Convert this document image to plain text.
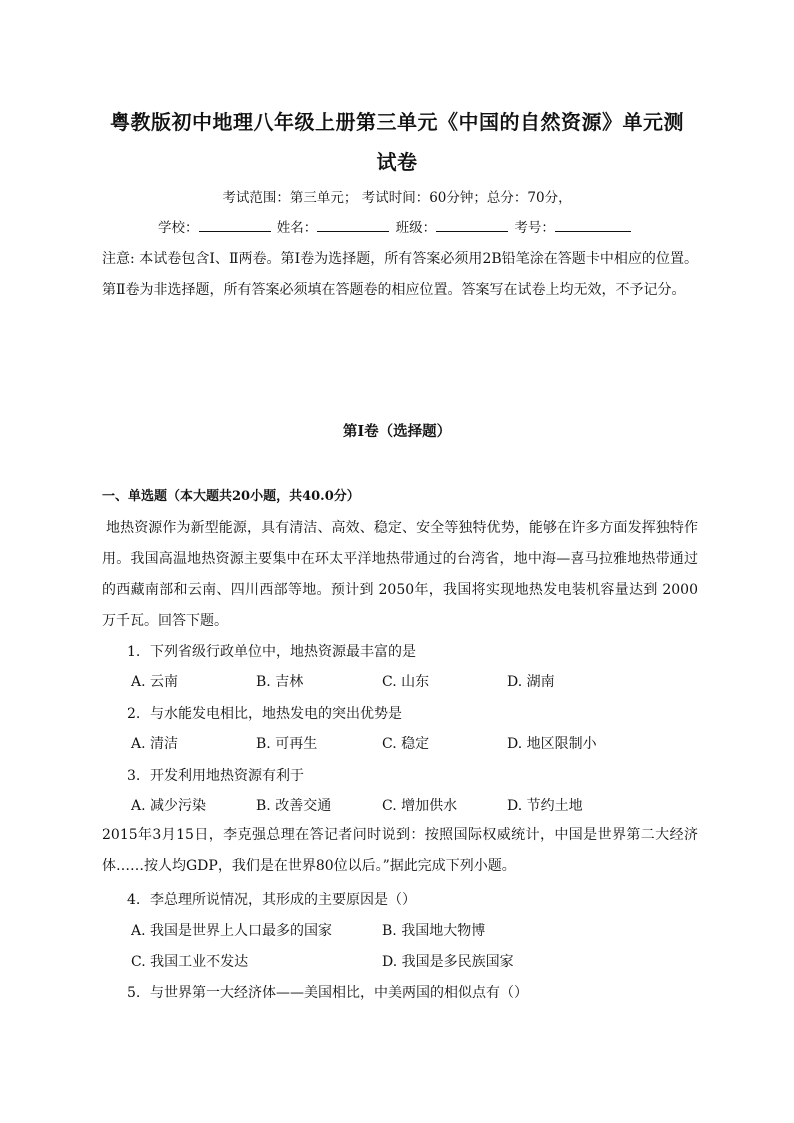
粤教版初中地理八年级上册第三单元《中国的自然资源》单元测
试卷
考试范围：第三单元； 考试时间：60分钟；总分：70分，
学校：	姓名：	班级：	考号：
注意: 本试卷包含Ⅰ、Ⅱ两卷。第Ⅰ卷为选择题，所有答案必须用2B铅笔涂在答题卡中相应的位置。第Ⅱ卷为非选择题，所有答案必须填在答题卷的相应位置。答案写在试卷上均无效，不予记分。
第Ⅰ卷（选择题）
一、单选题（本大题共20小题，共40.0分）
地热资源作为新型能源，具有清洁、高效、稳定、安全等独特优势，能够在许多方面发挥独特作用。我国高温地热资源主要集中在环太平洋地热带通过的台湾省，地中海—喜马拉雅地热带通过的西藏南部和云南、四川西部等地。预计到 2050年，我国将实现地热发电装机容量达到 2000万千瓦。回答下题。
1. 下列省级行政单位中，地热资源最丰富的是
A. 云南	B. 吉林	C. 山东	D. 湖南
2. 与水能发电相比，地热发电的突出优势是
A. 清洁	B. 可再生	C. 稳定	D. 地区限制小
3. 开发利用地热资源有利于
A. 减少污染	B. 改善交通	C. 增加供水	D. 节约土地
2015年3月15日，李克强总理在答记者问时说到：按照国际权威统计，中国是世界第二大经济体……按人均GDP，我们是在世界80位以后。”据此完成下列小题。
4. 李总理所说情况，其形成的主要原因是（）
A. 我国是世界上人口最多的国家	B. 我国地大物博
C. 我国工业不发达	D. 我国是多民族国家
5. 与世界第一大经济体——美国相比，中美两国的相似点有（）
